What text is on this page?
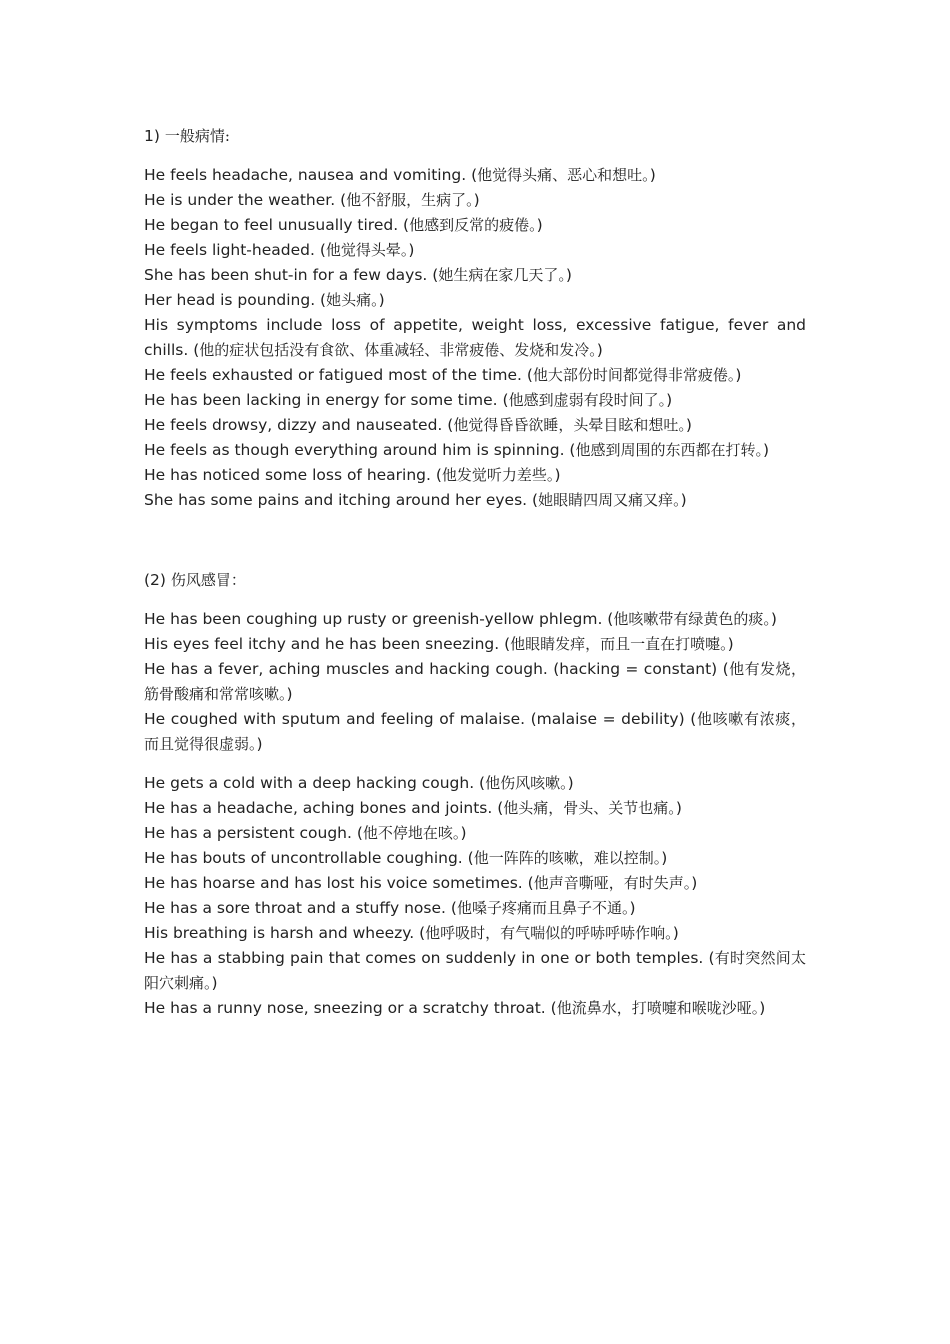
1) 一般病情:

He feels headache, nausea and vomiting. (他觉得头痛、恶心和想吐。)

He is under the weather. (他不舒服，生病了。)

He began to feel unusually tired. (他感到反常的疲倦。)

He feels light-headed. (他觉得头晕。)

She has been shut-in for a few days. (她生病在家几天了。)

Her head is pounding. (她头痛。)

His symptoms include loss of appetite, weight loss, excessive fatigue, fever and chills. (他的症状包括没有食欲、体重减轻、非常疲倦、发烧和发冷。)

He feels exhausted or fatigued most of the time. (他大部份时间都觉得非常疲倦。)

He has been lacking in energy for some time. (他感到虚弱有段时间了。)

He feels drowsy, dizzy and nauseated. (他觉得昏昏欲睡，头晕目眩和想吐。)

He feels as though everything around him is spinning. (他感到周围的东西都在打转。)

He has noticed some loss of hearing. (他发觉听力差些。)

She has some pains and itching around her eyes. (她眼睛四周又痛又痒。)

(2) 伤风感冒：

He has been coughing up rusty or greenish-yellow phlegm. (他咳嗽带有绿黄色的痰。)

His eyes feel itchy and he has been sneezing. (他眼睛发痒，而且一直在打喷嚏。)

He has a fever, aching muscles and hacking cough. (hacking = constant) (他有发烧，筋骨酸痛和常常咳嗽。)

He coughed with sputum and feeling of malaise. (malaise = debility) (他咳嗽有浓痰，而且觉得很虚弱。)

He gets a cold with a deep hacking cough. (他伤风咳嗽。)

He has a headache, aching bones and joints. (他头痛，骨头、关节也痛。)

He has a persistent cough. (他不停地在咳。)

He has bouts of uncontrollable coughing. (他一阵阵的咳嗽，难以控制。)

He has hoarse and has lost his voice sometimes. (他声音嘶哑，有时失声。)

He has a sore throat and a stuffy nose. (他嗓子疼痛而且鼻子不通。)

His breathing is harsh and wheezy. (他呼吸时，有气喘似的呼哧呼哧作响。)

He has a stabbing pain that comes on suddenly in one or both temples. (有时突然间太阳穴刺痛。)

He has a runny nose, sneezing or a scratchy throat. (他流鼻水，打喷嚏和喉咙沙哑。)
